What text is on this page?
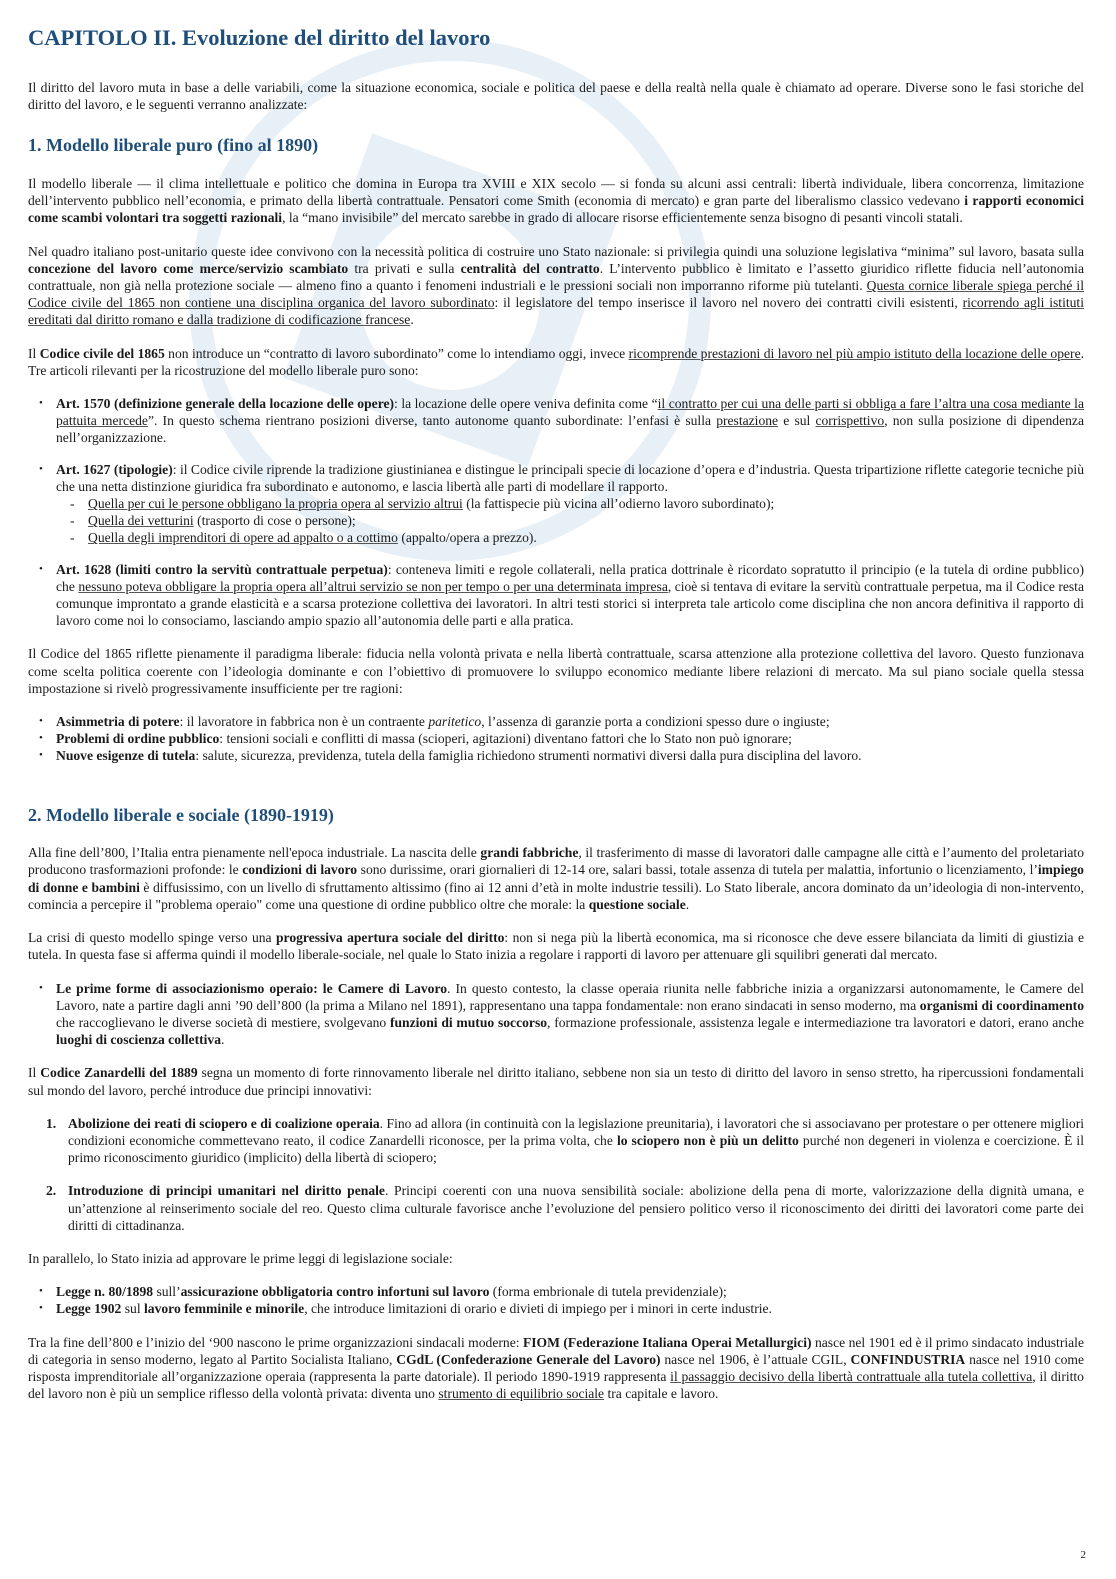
CAPITOLO II. Evoluzione del diritto del lavoro

Il diritto del lavoro muta in base a delle variabili, come la situazione economica, sociale e politica del paese e della realtà nella quale è chiamato ad operare. Diverse sono le fasi storiche del diritto del lavoro, e le seguenti verranno analizzate:

1. Modello liberale puro (fino al 1890)

Il modello liberale — il clima intellettuale e politico che domina in Europa tra XVIII e XIX secolo — si fonda su alcuni assi centrali: libertà individuale, libera concorrenza, limitazione dell’intervento pubblico nell’economia, e primato della libertà contrattuale. Pensatori come Smith (economia di mercato) e gran parte del liberalismo classico vedevano i rapporti economici come scambi volontari tra soggetti razionali, la “mano invisibile” del mercato sarebbe in grado di allocare risorse efficientemente senza bisogno di pesanti vincoli statali.

Nel quadro italiano post-unitario queste idee convivono con la necessità politica di costruire uno Stato nazionale: si privilegia quindi una soluzione legislativa “minima” sul lavoro, basata sulla concezione del lavoro come merce/servizio scambiato tra privati e sulla centralità del contratto. L’intervento pubblico è limitato e l’assetto giuridico riflette fiducia nell’autonomia contrattuale, non già nella protezione sociale — almeno fino a quanto i fenomeni industriali e le pressioni sociali non imporranno riforme più tutelanti. Questa cornice liberale spiega perché il Codice civile del 1865 non contiene una disciplina organica del lavoro subordinato: il legislatore del tempo inserisce il lavoro nel novero dei contratti civili esistenti, ricorrendo agli istituti ereditati dal diritto romano e dalla tradizione di codificazione francese.

Il Codice civile del 1865 non introduce un “contratto di lavoro subordinato” come lo intendiamo oggi, invece ricomprende prestazioni di lavoro nel più ampio istituto della locazione delle opere. Tre articoli rilevanti per la ricostruzione del modello liberale puro sono:

• Art. 1570 (definizione generale della locazione delle opere): la locazione delle opere veniva definita come “il contratto per cui una delle parti si obbliga a fare l’altra una cosa mediante la pattuita mercede”. In questo schema rientrano posizioni diverse, tanto autonome quanto subordinate: l’enfasi è sulla prestazione e sul corrispettivo, non sulla posizione di dipendenza nell’organizzazione.
• Art. 1627 (tipologie): il Codice civile riprende la tradizione giustinianea e distingue le principali specie di locazione d’opera e d’industria. Questa tripartizione riflette categorie tecniche più che una netta distinzione giuridica fra subordinato e autonomo, e lascia libertà alle parti di modellare il rapporto.
- Quella per cui le persone obbligano la propria opera al servizio altrui (la fattispecie più vicina all’odierno lavoro subordinato);
- Quella dei vetturini (trasporto di cose o persone);
- Quella degli imprenditori di opere ad appalto o a cottimo (appalto/opera a prezzo).
• Art. 1628 (limiti contro la servitù contrattuale perpetua): conteneva limiti e regole collaterali, nella pratica dottrinale è ricordato sopratutto il principio (e la tutela di ordine pubblico) che nessuno poteva obbligare la propria opera all’altrui servizio se non per tempo o per una determinata impresa, cioè si tentava di evitare la servitù contrattuale perpetua, ma il Codice resta comunque improntato a grande elasticità e a scarsa protezione collettiva dei lavoratori. In altri testi storici si interpreta tale articolo come disciplina che non ancora definitiva il rapporto di lavoro come noi lo consociamo, lasciando ampio spazio all’autonomia delle parti e alla pratica.

Il Codice del 1865 riflette pienamente il paradigma liberale: fiducia nella volontà privata e nella libertà contrattuale, scarsa attenzione alla protezione collettiva del lavoro. Questo funzionava come scelta politica coerente con l’ideologia dominante e con l’obiettivo di promuovere lo sviluppo economico mediante libere relazioni di mercato. Ma sul piano sociale quella stessa impostazione si rivelò progressivamente insufficiente per tre ragioni:

• Asimmetria di potere: il lavoratore in fabbrica non è un contraente paritetico, l’assenza di garanzie porta a condizioni spesso dure o ingiuste;
• Problemi di ordine pubblico: tensioni sociali e conflitti di massa (scioperi, agitazioni) diventano fattori che lo Stato non può ignorare;
• Nuove esigenze di tutela: salute, sicurezza, previdenza, tutela della famiglia richiedono strumenti normativi diversi dalla pura disciplina del lavoro.
2. Modello liberale e sociale (1890-1919)

Alla fine dell’800, l’Italia entra pienamente nell'epoca industriale. La nascita delle grandi fabbriche, il trasferimento di masse di lavoratori dalle campagne alle città e l’aumento del proletariato producono trasformazioni profonde: le condizioni di lavoro sono durissime, orari giornalieri di 12-14 ore, salari bassi, totale assenza di tutela per malattia, infortunio o licenziamento, l’impiego di donne e bambini è diffusissimo, con un livello di sfruttamento altissimo (fino ai 12 anni d’età in molte industrie tessili). Lo Stato liberale, ancora dominato da un’ideologia di non-intervento, comincia a percepire il "problema operaio" come una questione di ordine pubblico oltre che morale: la questione sociale.

La crisi di questo modello spinge verso una progressiva apertura sociale del diritto: non si nega più la libertà economica, ma si riconosce che deve essere bilanciata da limiti di giustizia e tutela. In questa fase si afferma quindi il modello liberale-sociale, nel quale lo Stato inizia a regolare i rapporti di lavoro per attenuare gli squilibri generati dal mercato.

• Le prime forme di associazionismo operaio: le Camere di Lavoro. In questo contesto, la classe operaia riunita nelle fabbriche inizia a organizzarsi autonomamente, le Camere del Lavoro, nate a partire dagli anni ’90 dell’800 (la prima a Milano nel 1891), rappresentano una tappa fondamentale: non erano sindacati in senso moderno, ma organismi di coordinamento che raccoglievano le diverse società di mestiere, svolgevano funzioni di mutuo soccorso, formazione professionale, assistenza legale e intermediazione tra lavoratori e datori, erano anche luoghi di coscienza collettiva.

Il Codice Zanardelli del 1889 segna un momento di forte rinnovamento liberale nel diritto italiano, sebbene non sia un testo di diritto del lavoro in senso stretto, ha ripercussioni fondamentali sul mondo del lavoro, perché introduce due principi innovativi:

1. Abolizione dei reati di sciopero e di coalizione operaia. Fino ad allora (in continuità con la legislazione preunitaria), i lavoratori che si associavano per protestare o per ottenere migliori condizioni economiche commettevano reato, il codice Zanardelli riconosce, per la prima volta, che lo sciopero non è più un delitto purché non degeneri in violenza e coercizione. È il primo riconoscimento giuridico (implicito) della libertà di sciopero;
2. Introduzione di principi umanitari nel diritto penale. Principi coerenti con una nuova sensibilità sociale: abolizione della pena di morte, valorizzazione della dignità umana, e un’attenzione al reinserimento sociale del reo. Questo clima culturale favorisce anche l’evoluzione del pensiero politico verso il riconoscimento dei diritti dei lavoratori come parte dei diritti di cittadinanza.

In parallelo, lo Stato inizia ad approvare le prime leggi di legislazione sociale:

• Legge n. 80/1898 sull’assicurazione obbligatoria contro infortuni sul lavoro (forma embrionale di tutela previdenziale);
• Legge 1902 sul lavoro femminile e minorile, che introduce limitazioni di orario e divieti di impiego per i minori in certe industrie.

Tra la fine dell’800 e l’inizio del ‘900 nascono le prime organizzazioni sindacali moderne: FIOM (Federazione Italiana Operai Metallurgici) nasce nel 1901 ed è il primo sindacato industriale di categoria in senso moderno, legato al Partito Socialista Italiano, CGdL (Confederazione Generale del Lavoro) nasce nel 1906, è l’attuale CGIL, CONFINDUSTRIA nasce nel 1910 come risposta imprenditoriale all’organizzazione operaia (rappresenta la parte datoriale). Il periodo 1890-1919 rappresenta il passaggio decisivo della libertà contrattuale alla tutela collettiva, il diritto del lavoro non è più un semplice riflesso della volontà privata: diventa uno strumento di equilibrio sociale tra capitale e lavoro.

2
